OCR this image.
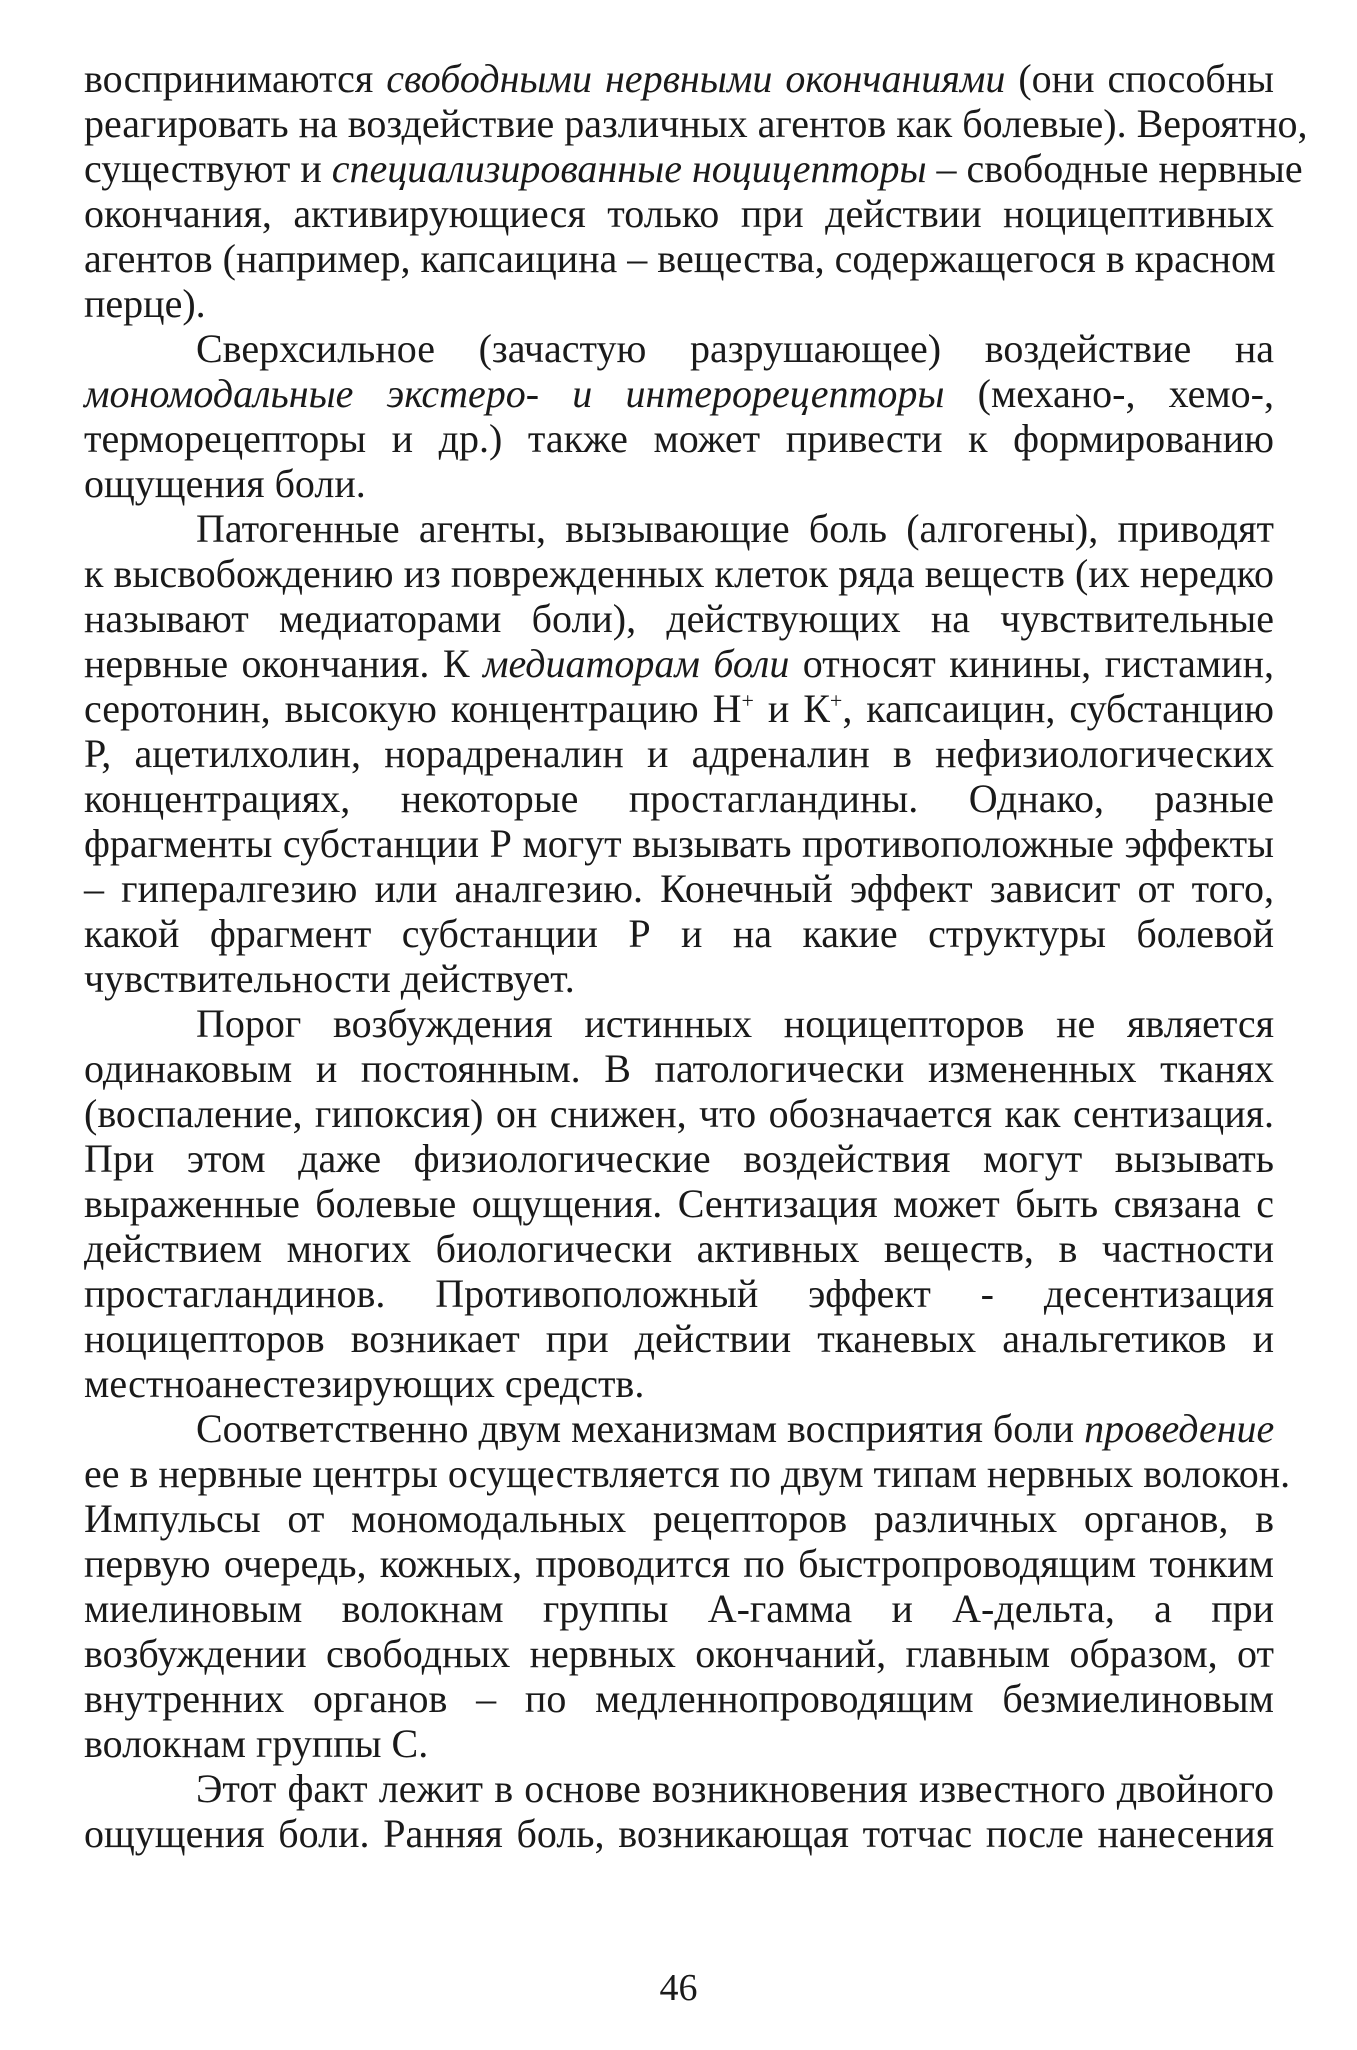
воспринимаются свободными нервными окончаниями (они способны
реагировать на воздействие различных агентов как болевые). Вероятно,
существуют и специализированные ноцицепторы – свободные нервные
окончания, активирующиеся только при действии ноцицептивных
агентов (например, капсаицина – вещества, содержащегося в красном
перце).
Сверхсильное (зачастую разрушающее) воздействие на
мономодальные экстеро- и интерорецепторы (механо-, хемо-,
терморецепторы и др.) также может привести к формированию
ощущения боли.
Патогенные агенты, вызывающие боль (алгогены), приводят
к высвобождению из поврежденных клеток ряда веществ (их нередко
называют медиаторами боли), действующих на чувствительные
нервные окончания. К медиаторам боли относят кинины, гистамин,
серотонин, высокую концентрацию Н+ и К+, капсаицин, субстанцию
Р, ацетилхолин, норадреналин и адреналин в нефизиологических
концентрациях, некоторые простагландины. Однако, разные
фрагменты субстанции Р могут вызывать противоположные эффекты
– гипералгезию или аналгезию. Конечный эффект зависит от того,
какой фрагмент субстанции Р и на какие структуры болевой
чувствительности действует.
Порог возбуждения истинных ноцицепторов не является
одинаковым и постоянным. В патологически измененных тканях
(воспаление, гипоксия) он снижен, что обозначается как сентизация.
При этом даже физиологические воздействия могут вызывать
выраженные болевые ощущения. Сентизация может быть связана с
действием многих биологически активных веществ, в частности
простагландинов. Противоположный эффект - десентизация
ноцицепторов возникает при действии тканевых анальгетиков и
местноанестезирующих средств.
Соответственно двум механизмам восприятия боли проведение
ее в нервные центры осуществляется по двум типам нервных волокон.
Импульсы от мономодальных рецепторов различных органов, в
первую очередь, кожных, проводится по быстропроводящим тонким
миелиновым волокнам группы А-гамма и А-дельта, а при
возбуждении свободных нервных окончаний, главным образом, от
внутренних органов – по медленнопроводящим безмиелиновым
волокнам группы С.
Этот факт лежит в основе возникновения известного двойного
ощущения боли. Ранняя боль, возникающая тотчас после нанесения
46
